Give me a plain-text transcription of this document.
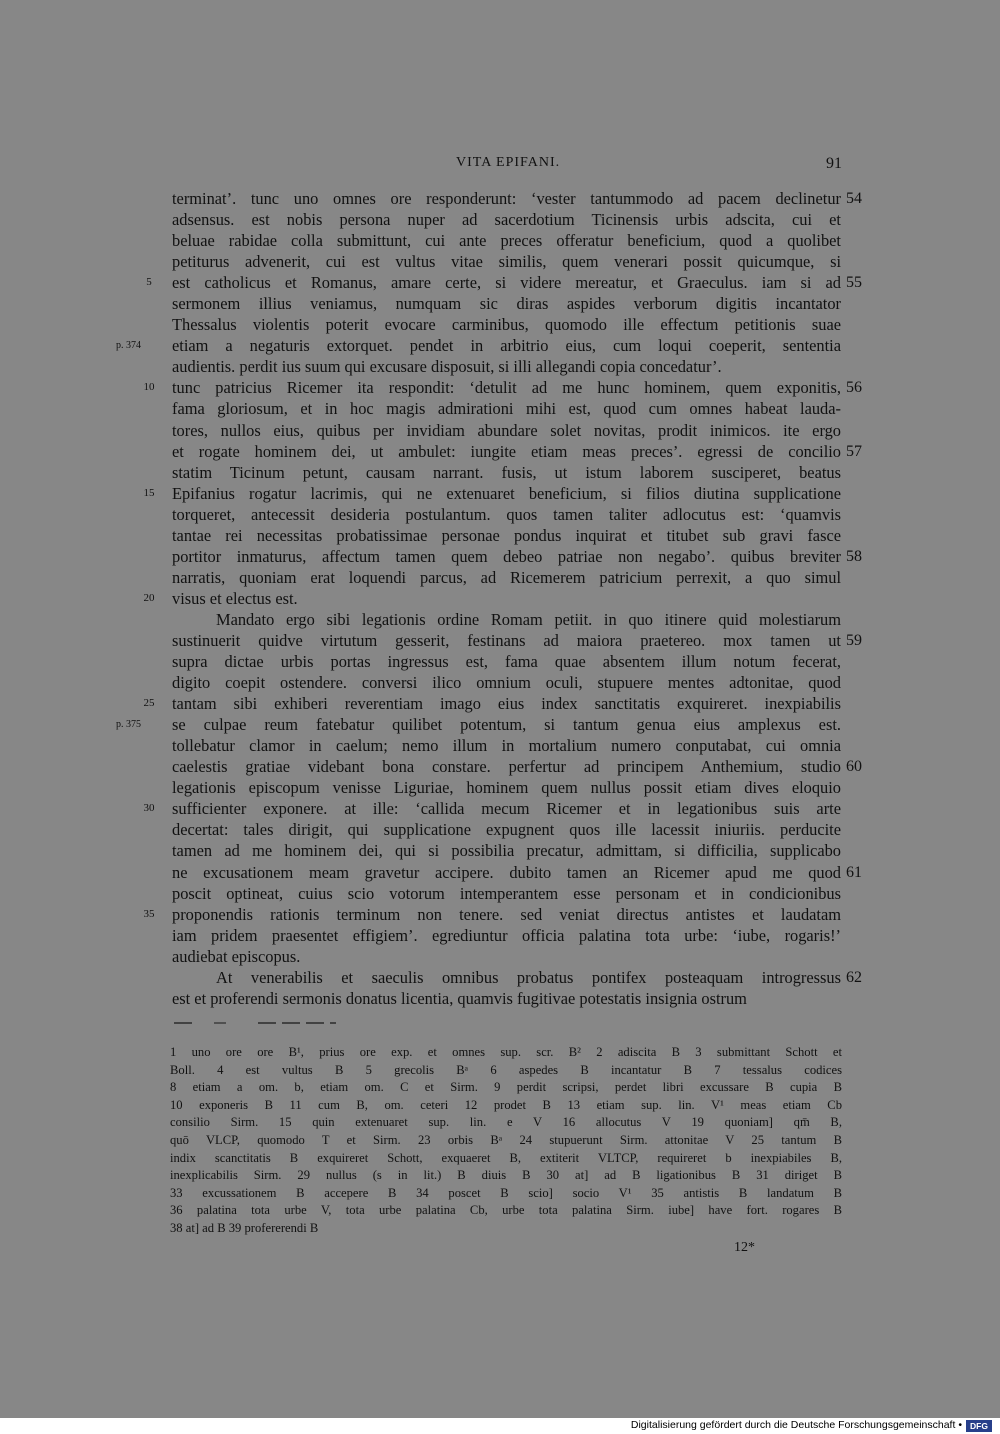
VITA EPIFANI.	91
terminat’. tunc uno omnes ore responderunt: ‘vester tantummodo ad pacem declinetur 54
adsensus. est nobis persona nuper ad sacerdotium Ticinensis urbis adscita, cui et
beluae rabidae colla submittunt, cui ante preces offeratur beneficium, quod a quolibet
petiturus advenerit, cui est vultus vitae similis, quem venerari possit quicumque, si
est catholicus et Romanus, amare certe, si videre mereatur, et Graeculus. iam si ad
5	55
sermonem illius veniamus, numquam sic diras aspides verborum digitis incantator
Thessalus violentis poterit evocare carminibus, quomodo ille effectum petitionis suae
etiam a negaturis extorquet. pendet in arbitrio eius, cum loqui coeperit, sententia
p. 374
audientis. perdit ius suum qui excusare disposuit, si illi allegandi copia concedatur’.
tunc patricius Ricemer ita respondit: ‘detulit ad me hunc hominem, quem exponitis,
10	56
fama gloriosum, et in hoc magis admirationi mihi est, quod cum omnes habeat lauda-
tores, nullos eius, quibus per invidiam abundare solet novitas, prodit inimicos. ite ergo
et rogate hominem dei, ut ambulet: iungite etiam meas preces’. egressi de concilio 57
statim Ticinum petunt, causam narrant. fusis, ut istum laborem susciperet, beatus
Epifanius rogatur lacrimis, qui ne extenuaret beneficium, si filios diutina supplicatione
15
torqueret, antecessit desideria postulantum. quos tamen taliter adlocutus est: ‘quamvis
tantae rei necessitas probatissimae personae pondus inquirat et titubet sub gravi fasce
portitor inmaturus, affectum tamen quem debeo patriae non negabo’. quibus breviter 58
narratis, quoniam erat loquendi parcus, ad Ricemerem patricium perrexit, a quo simul
visus et electus est.
20
Mandato ergo sibi legationis ordine Romam petiit. in quo itinere quid molestiarum
sustinuerit quidve virtutum gesserit, festinans ad maiora praetereo. mox tamen ut 59
supra dictae urbis portas ingressus est, fama quae absentem illum notum fecerat,
digito coepit ostendere. conversi ilico omnium oculi, stupuere mentes adtonitae, quod
tantam sibi exhiberi reverentiam imago eius index sanctitatis exquireret. inexpiabilis
25
se culpae reum fatebatur quilibet potentum, si tantum genua eius amplexus est.
p. 375
tollebatur clamor in caelum; nemo illum in mortalium numero conputabat, cui omnia
caelestis gratiae videbant bona constare. perfertur ad principem Anthemium, studio 60
legationis episcopum venisse Liguriae, hominem quem nullus possit etiam dives eloquio
sufficienter exponere. at ille: ‘callida mecum Ricemer et in legationibus suis arte
30
decertat: tales dirigit, qui supplicatione expugnent quos ille lacessit iniuriis. perducite
tamen ad me hominem dei, qui si possibilia precatur, admittam, si difficilia, supplicabo
ne excusationem meam gravetur accipere. dubito tamen an Ricemer apud me quod 61
poscit optineat, cuius scio votorum intemperantem esse personam et in condicionibus
proponendis rationis terminum non tenere. sed veniat directus antistes et laudatam
35
iam pridem praesentet effigiem’. egrediuntur officia palatina tota urbe: ‘iube, rogaris!’
audiebat episcopus.
At venerabilis et saeculis omnibus probatus pontifex posteaquam introgressus 62
est et proferendi sermonis donatus licentia, quamvis fugitivae potestatis insignia ostrum
1 uno ore ore B¹, prius ore exp. et omnes sup. scr. B² 2 adiscita B 3 submittant Schott et
Boll. 4 est vultus B 5 grecolis Bᵃ 6 aspedes B incantatur B 7 tessalus codices
8 etiam a om. b, etiam om. C et Sirm. 9 perdit scripsi, perdet libri excussare B cupia B
10 exponeris B 11 cum B, om. ceteri 12 prodet B 13 etiam sup. lin. V¹ meas etiam Cb
consilio Sirm. 15 quin extenuaret sup. lin. e V 16 allocutus V 19 quoniam] qm̄ B,
quō VLCP, quomodo T et Sirm. 23 orbis Bᵃ 24 stupuerunt Sirm. attonitae V 25 tantum B
indix scanctitatis B exquireret Schott, exquaeret B, extiterit VLTCP, requireret b inexpiabiles B,
inexplicabilis Sirm. 29 nullus (s in lit.) B diuis B 30 at] ad B ligationibus B 31 diriget B
33 excussationem B accepere B 34 poscet B scio] socio V¹ 35 antistis B landatum B
36 palatina tota urbe V, tota urbe palatina Cb, urbe tota palatina Sirm. iube] have fort. rogares B
38 at] ad B 39 profererendi B
12*
Digitalisierung gefördert durch die Deutsche Forschungsgemeinschaft • DFG
